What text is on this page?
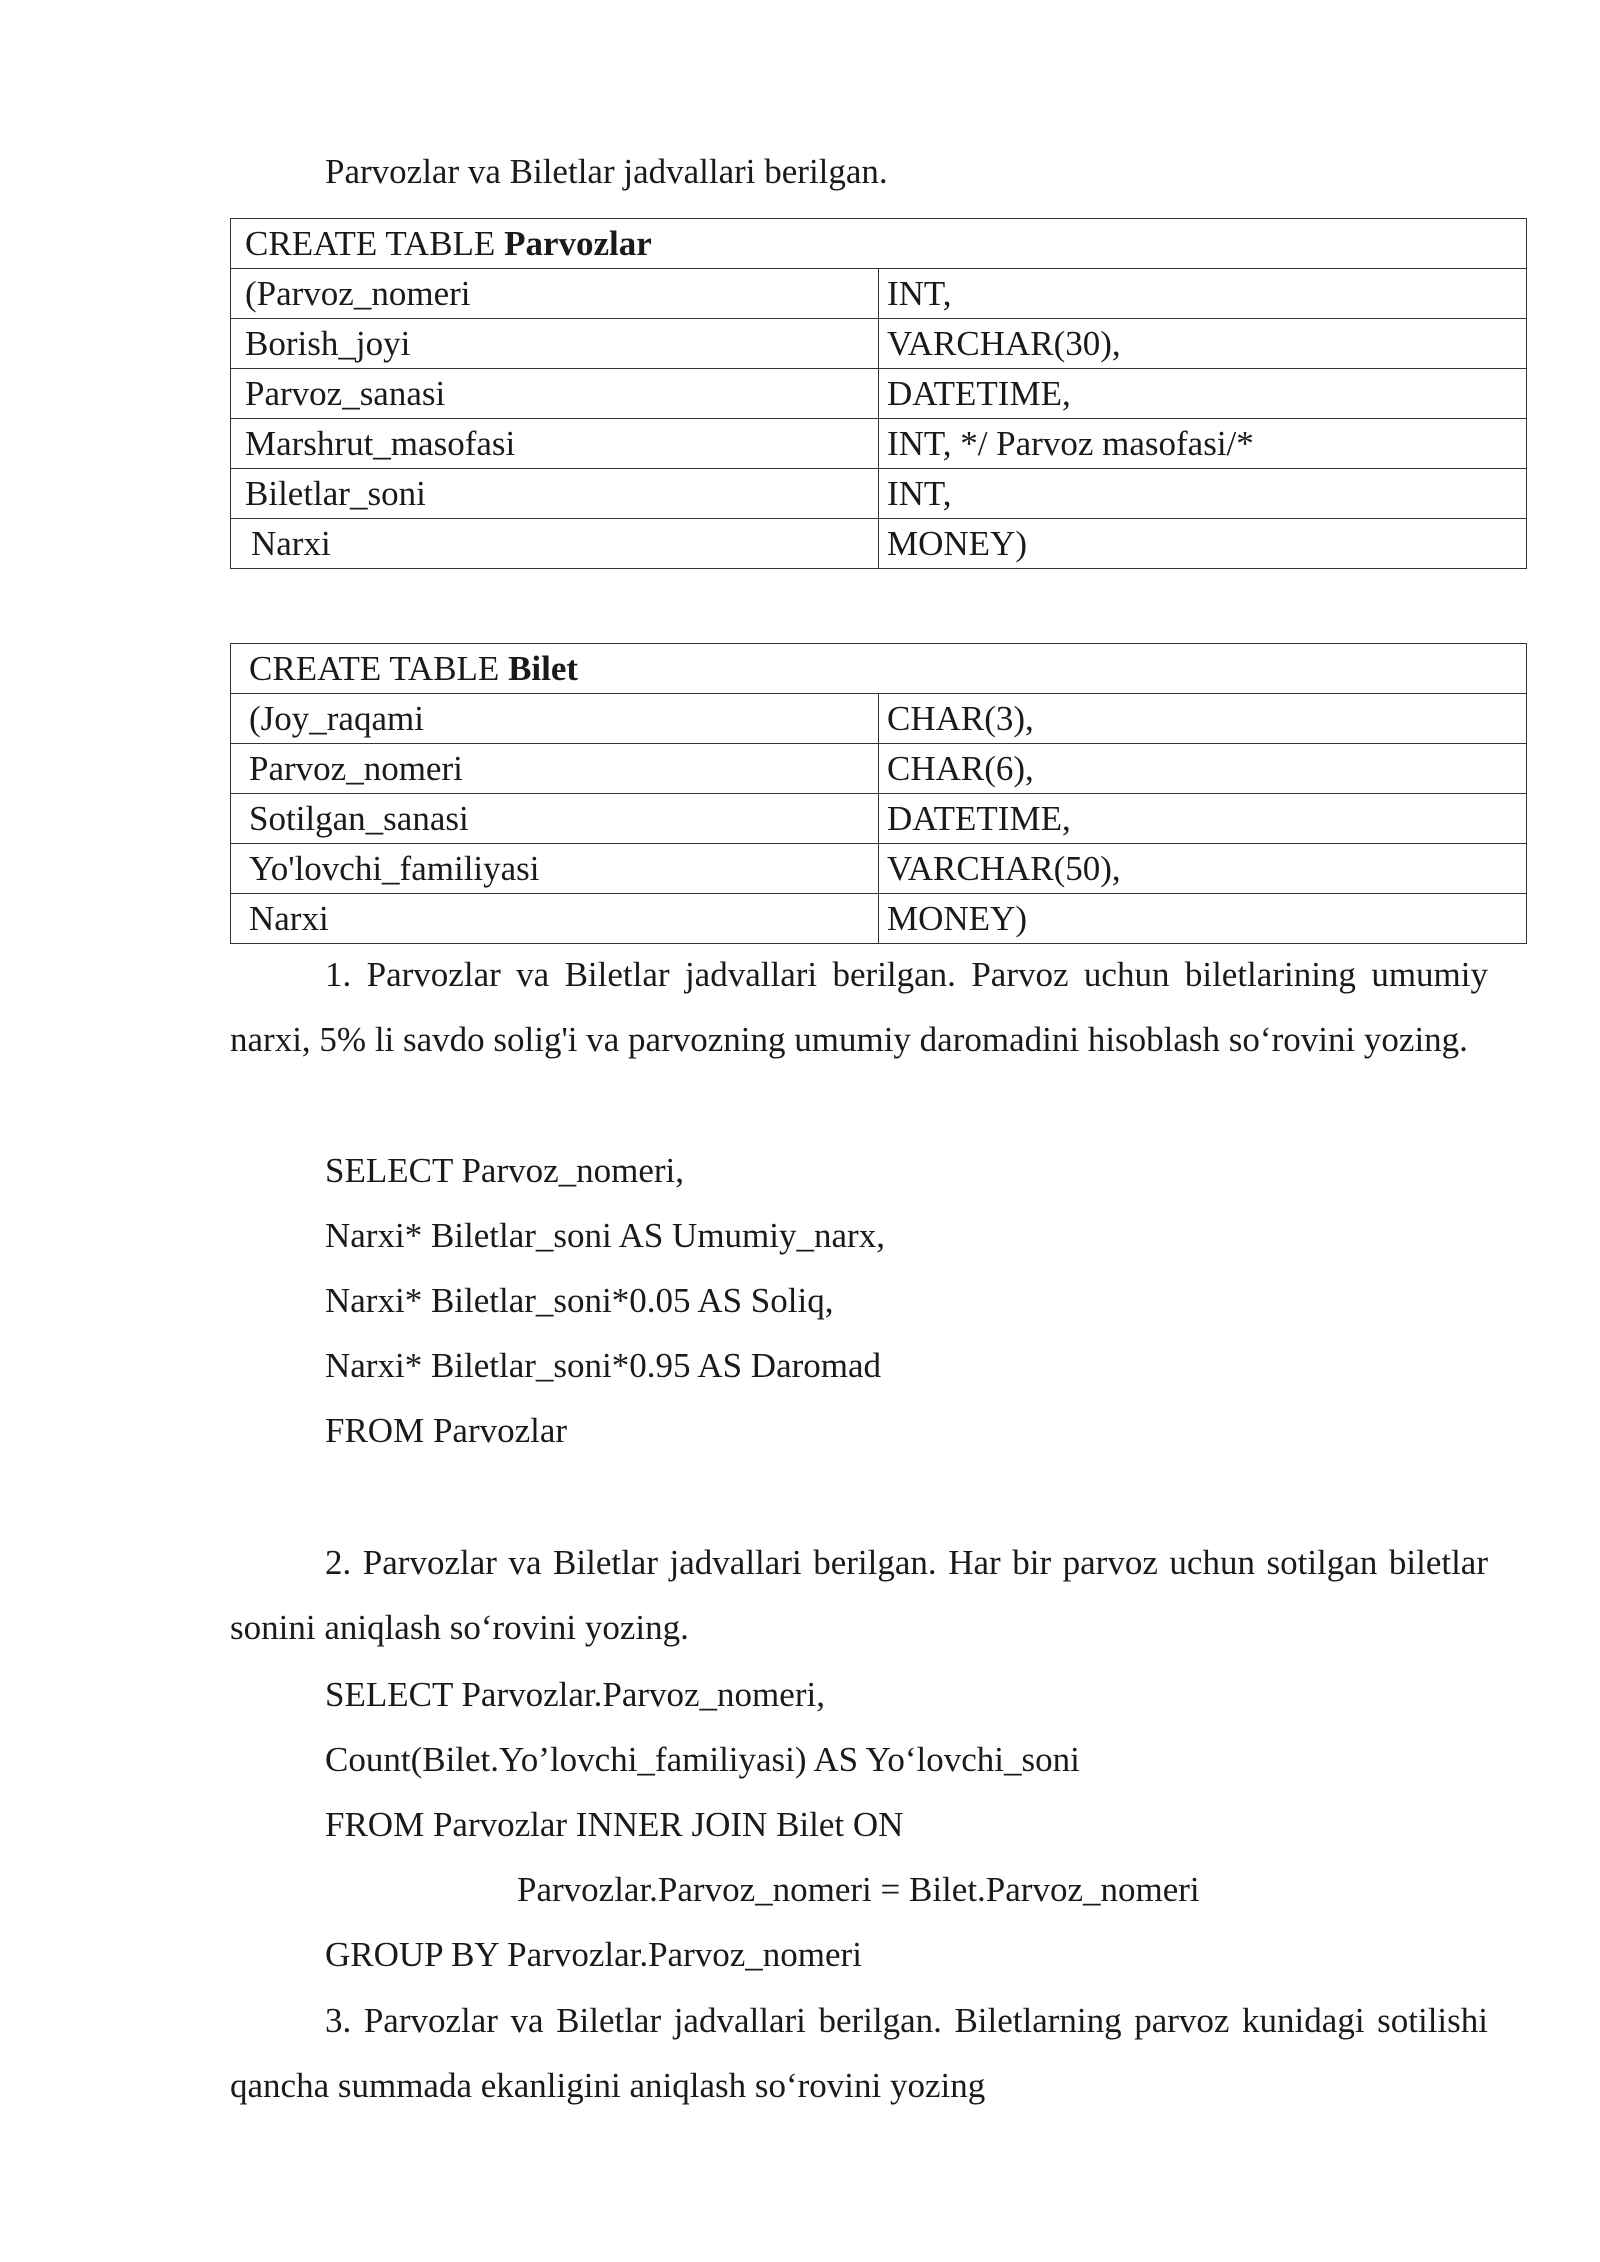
Parvozlar va Biletlar jadvallari berilgan.
CREATE TABLE Parvozlar	
(Parvoz_nomeri	INT,
Borish_joyi	VARCHAR(30),
Parvoz_sanasi	DATETIME,
Marshrut_masofasi	INT, */ Parvoz masofasi/*
Biletlar_soni	INT,
Narxi	MONEY)
CREATE TABLE Bilet	
(Joy_raqami	CHAR(3),
Parvoz_nomeri	CHAR(6),
Sotilgan_sanasi	DATETIME,
Yo'lovchi_familiyasi	VARCHAR(50),
Narxi	MONEY)
1. Parvozlar va Biletlar jadvallari berilgan. Parvoz uchun biletlarining umumiy narxi, 5% li savdo solig'i va parvozning umumiy daromadini hisoblash so‘rovini yozing.
SELECT Parvoz_nomeri,
Narxi* Biletlar_soni AS Umumiy_narx,
Narxi* Biletlar_soni*0.05 AS Soliq,
Narxi* Biletlar_soni*0.95 AS Daromad
FROM Parvozlar
2. Parvozlar va Biletlar jadvallari berilgan. Har bir parvoz uchun sotilgan biletlar sonini aniqlash so‘rovini yozing.
SELECT Parvozlar.Parvoz_nomeri,
Count(Bilet.Yo’lovchi_familiyasi) AS Yo‘lovchi_soni
FROM Parvozlar INNER JOIN Bilet ON
Parvozlar.Parvoz_nomeri = Bilet.Parvoz_nomeri
GROUP BY Parvozlar.Parvoz_nomeri
3. Parvozlar va Biletlar jadvallari berilgan. Biletlarning parvoz kunidagi sotilishi qancha summada ekanligini aniqlash so‘rovini yozing
